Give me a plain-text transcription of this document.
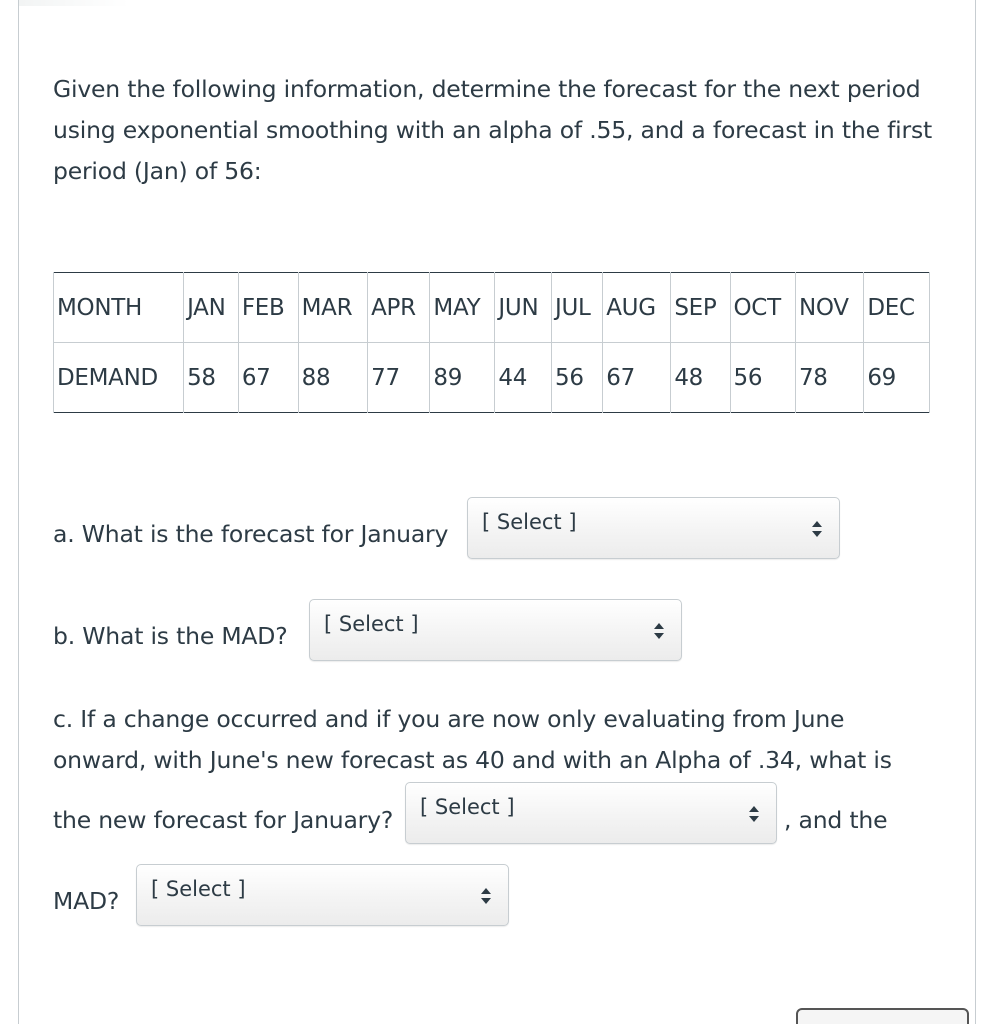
Given the following information, determine the forecast for the next period using exponential smoothing with an alpha of .55, and a forecast in the first period (Jan) of 56:

MONTH	JAN	FEB	MAR	APR	MAY	JUN	JUL	AUG	SEP	OCT	NOV	DEC
DEMAND	58	67	88	77	89	44	56	67	48	56	78	69
a. What is the forecast for January [ Select ]
b. What is the MAD? [ Select ]
c. If a change occurred and if you are now only evaluating from June
onward, with June's new forecast as 40 and with an Alpha of .34, what is
the new forecast for January? [ Select ]	, and the
MAD? [ Select ]
